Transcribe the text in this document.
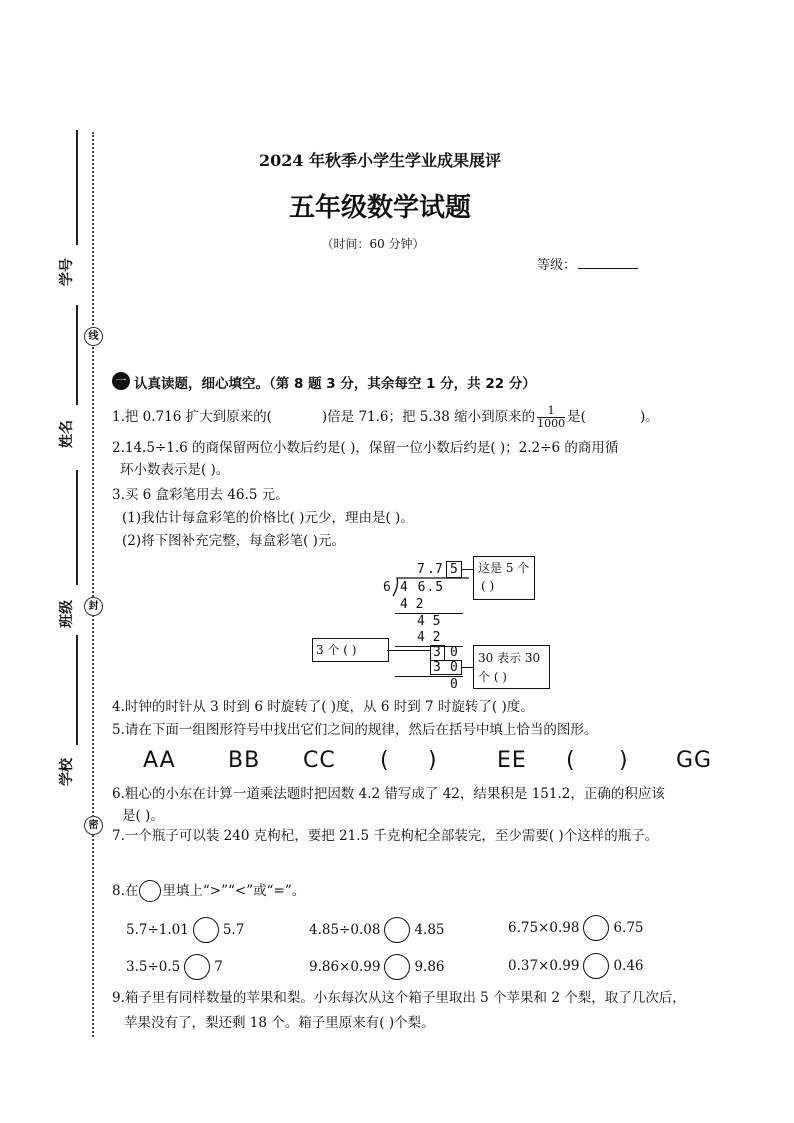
学号
姓名
班级
学校
线
封
密
2024 年秋季小学生学业成果展评
五年级数学试题
（时间：60 分钟）
等级：
一 认真读题，细心填空。（第 8 题 3 分，其余每空 1 分，共 22 分）
1.把 0.716 扩大到原来的(	)倍是 71.6；把 5.38 缩小到原来的 $\frac{1}{1000}$ 是(	)。
2.14.5÷1.6 的商保留两位小数后约是( )，保留一位小数后约是( )；2.2÷6 的商用循
环小数表示是( )。
3.买 6 盒彩笔用去 46.5 元。
(1)我估计每盒彩笔的价格比( )元少，理由是( )。
(2)将下图补充完整，每盒彩笔( )元。
7 . 7 5 这是 5 个
( )
6 4 6.5
4 2
4 5
4 2
3 0
3 0
0
3 个 ( )
30 表示 30
个 ( )
4.时钟的时针从 3 时到 6 时旋转了( )度，从 6 时到 7 时旋转了( )度。
5.请在下面一组图形符号中找出它们之间的规律，然后在括号中填上恰当的图形。
AA BB CC ( )	EE ( ) GG
6.粗心的小东在计算一道乘法题时把因数 4.2 错写成了 42，结果积是 151.2，正确的积应该
是( )。
7.一个瓶子可以装 240 克枸杞，要把 21.5 千克枸杞全部装完，至少需要( )个这样的瓶子。
8.在 里填上“>”“<”或“=”。
5.7÷1.01	5.7	4.85÷0.08	4.85	6.75×0.98	6.75
3.5÷0.5	7	9.86×0.99	9.86	0.37×0.99	0.46
9.箱子里有同样数量的苹果和梨。小东每次从这个箱子里取出 5 个苹果和 2 个梨，取了几次后，
苹果没有了，梨还剩 18 个。箱子里原来有( )个梨。
